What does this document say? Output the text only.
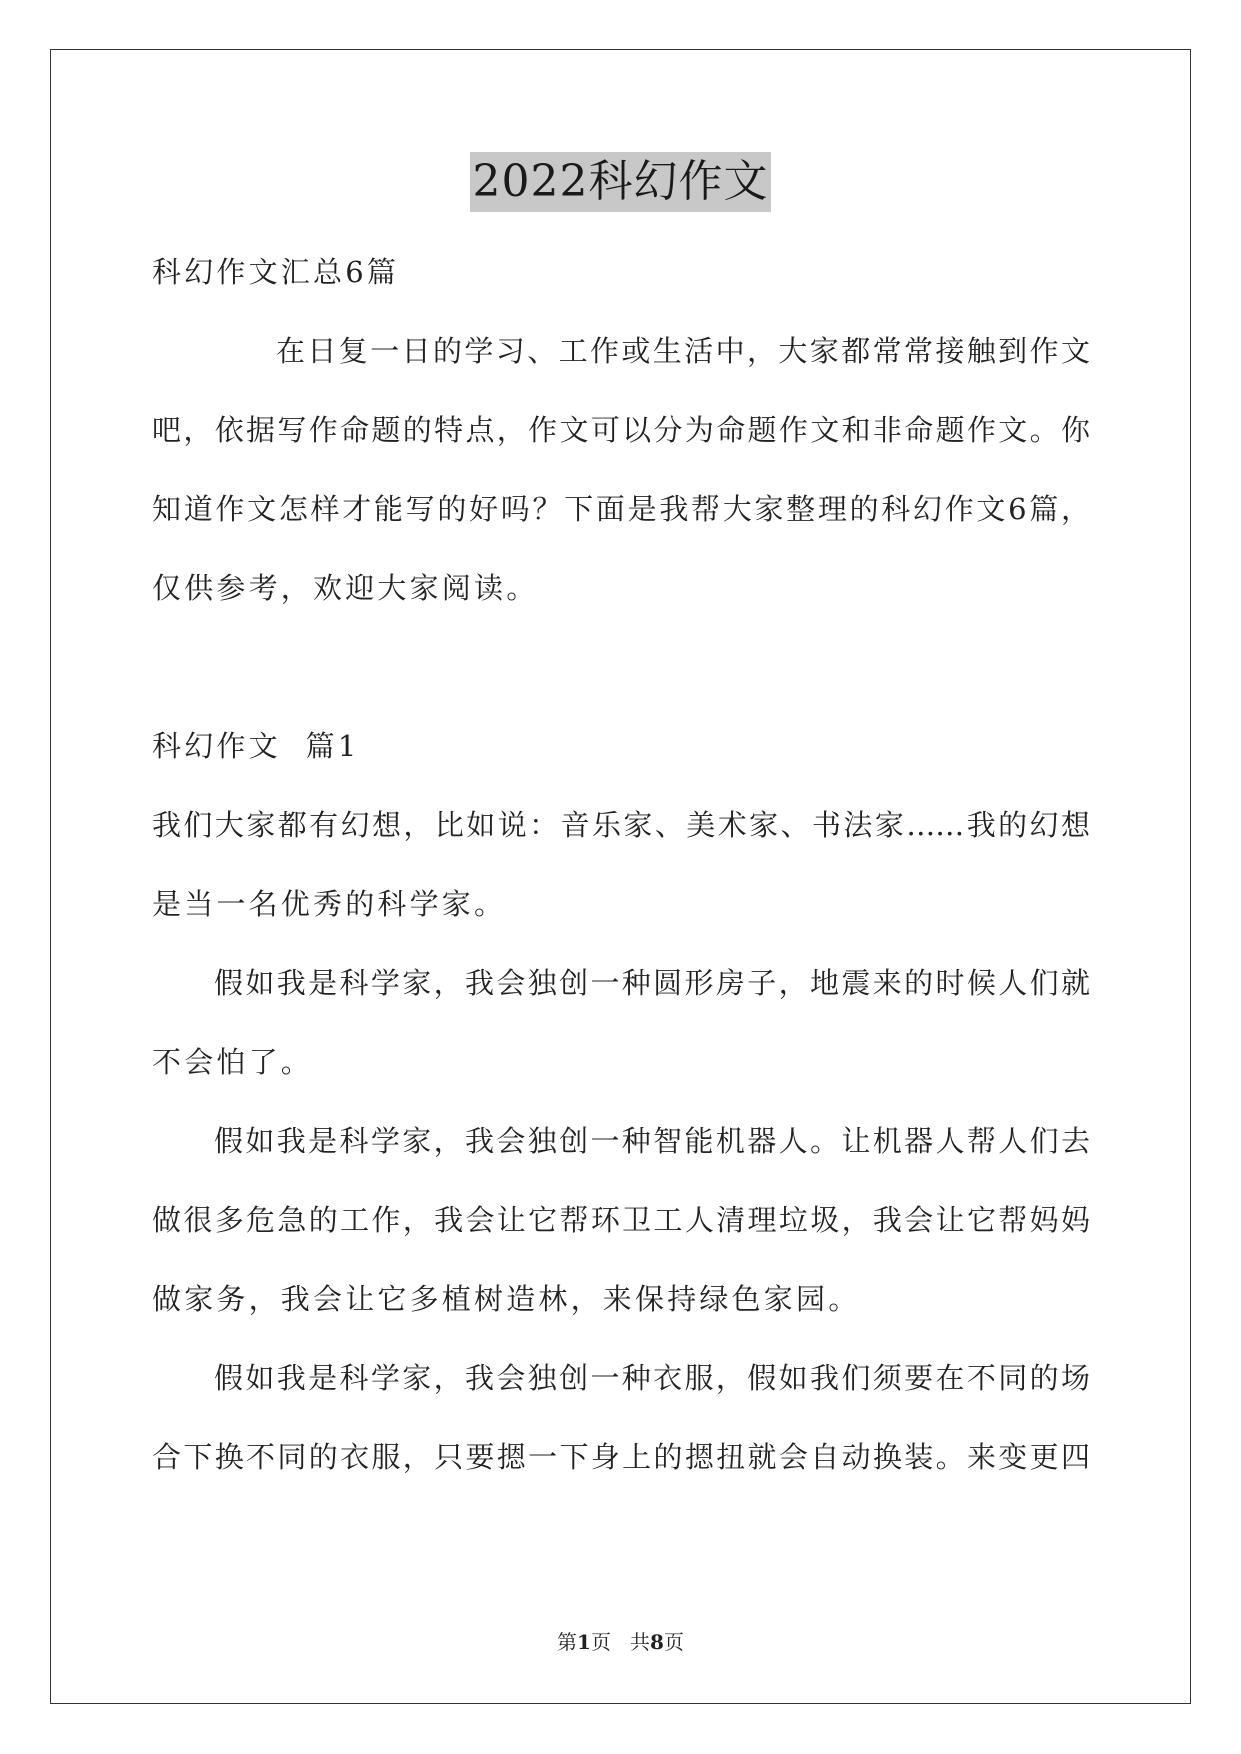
2022科幻作文
科幻作文汇总6篇
在日复一日的学习、工作或生活中，大家都常常接触到作文
吧，依据写作命题的特点，作文可以分为命题作文和非命题作文。你
知道作文怎样才能写的好吗？下面是我帮大家整理的科幻作文6篇，
仅供参考，欢迎大家阅读。
科幻作文  篇1
我们大家都有幻想，比如说：音乐家、美术家、书法家……我的幻想
是当一名优秀的科学家。
假如我是科学家，我会独创一种圆形房子，地震来的时候人们就
不会怕了。
假如我是科学家，我会独创一种智能机器人。让机器人帮人们去
做很多危急的工作，我会让它帮环卫工人清理垃圾，我会让它帮妈妈
做家务，我会让它多植树造林，来保持绿色家园。
假如我是科学家，我会独创一种衣服，假如我们须要在不同的场
合下换不同的衣服，只要摁一下身上的摁扭就会自动换装。来变更四
第1页   共8页
